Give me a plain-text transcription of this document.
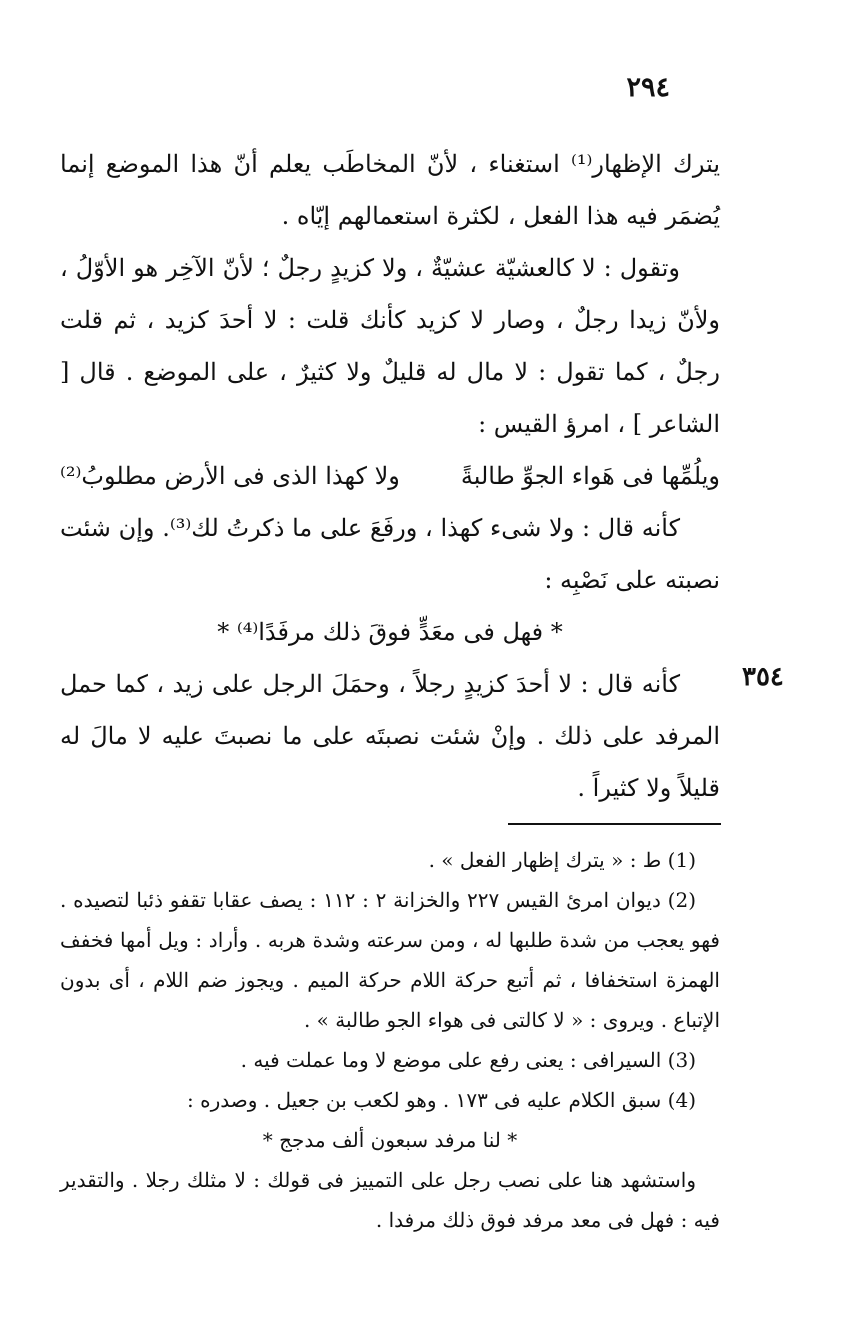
٢٩٤
٣٥٤

يترك الإظهار⁽¹⁾ استغناء ، لأنّ المخاطَب يعلم أنّ هذا الموضع إنما يُضمَر فيه هذا الفعل ، لكثرة استعمالهم إيّاه .

وتقول : لا كالعشيّة عشيّةٌ ، ولا كزيدٍ رجلٌ ؛ لأنّ الآخِر هو الأوّلُ ، ولأنّ زيدا رجلٌ ، وصار لا كزيد كأنك قلت : لا أحدَ كزيد ، ثم قلت رجلٌ ، كما تقول : لا مال له قليلٌ ولا كثيرٌ ، على الموضع . قال [ الشاعر ] ، امرؤ القيس :

ويلُمِّها فى هَواء الجوِّ طالبةً
ولا كهذا الذى فى الأرض مطلوبُ⁽²⁾

كأنه قال : ولا شىء كهذا ، ورفَعَ على ما ذكرتُ لك⁽³⁾. وإن شئت نصبته على نَصْبِه :

* فهل فى معَدٍّ فوقَ ذلك مرفَدًا⁽⁴⁾ *

كأنه قال : لا أحدَ كزيدٍ رجلاً ، وحمَلَ الرجل على زيد ، كما حمل المرفد على ذلك . وإنْ شئت نصبتَه على ما نصبتَ عليه لا مالَ له قليلاً ولا كثيراً .

(1) ط : « يترك إظهار الفعل » .

(2) ديوان امرئ القيس ٢٢٧ والخزانة ٢ : ١١٢ : يصف عقابا تقفو ذئبا لتصيده . فهو يعجب من شدة طلبها له ، ومن سرعته وشدة هربه . وأراد : ويل أمها فخفف الهمزة استخفافا ، ثم أتبع حركة اللام حركة الميم . ويجوز ضم اللام ، أى بدون الإتباع . ويروى : « لا كالتى فى هواء الجو طالبة » .

(3) السيرافى : يعنى رفع على موضع لا وما عملت فيه .

(4) سبق الكلام عليه فى ١٧٣ . وهو لكعب بن جعيل . وصدره :

* لنا مرفد سبعون ألف مدجج *

واستشهد هنا على نصب رجل على التمييز فى قولك : لا مثلك رجلا . والتقدير فيه : فهل فى معد مرفد فوق ذلك مرفدا .
